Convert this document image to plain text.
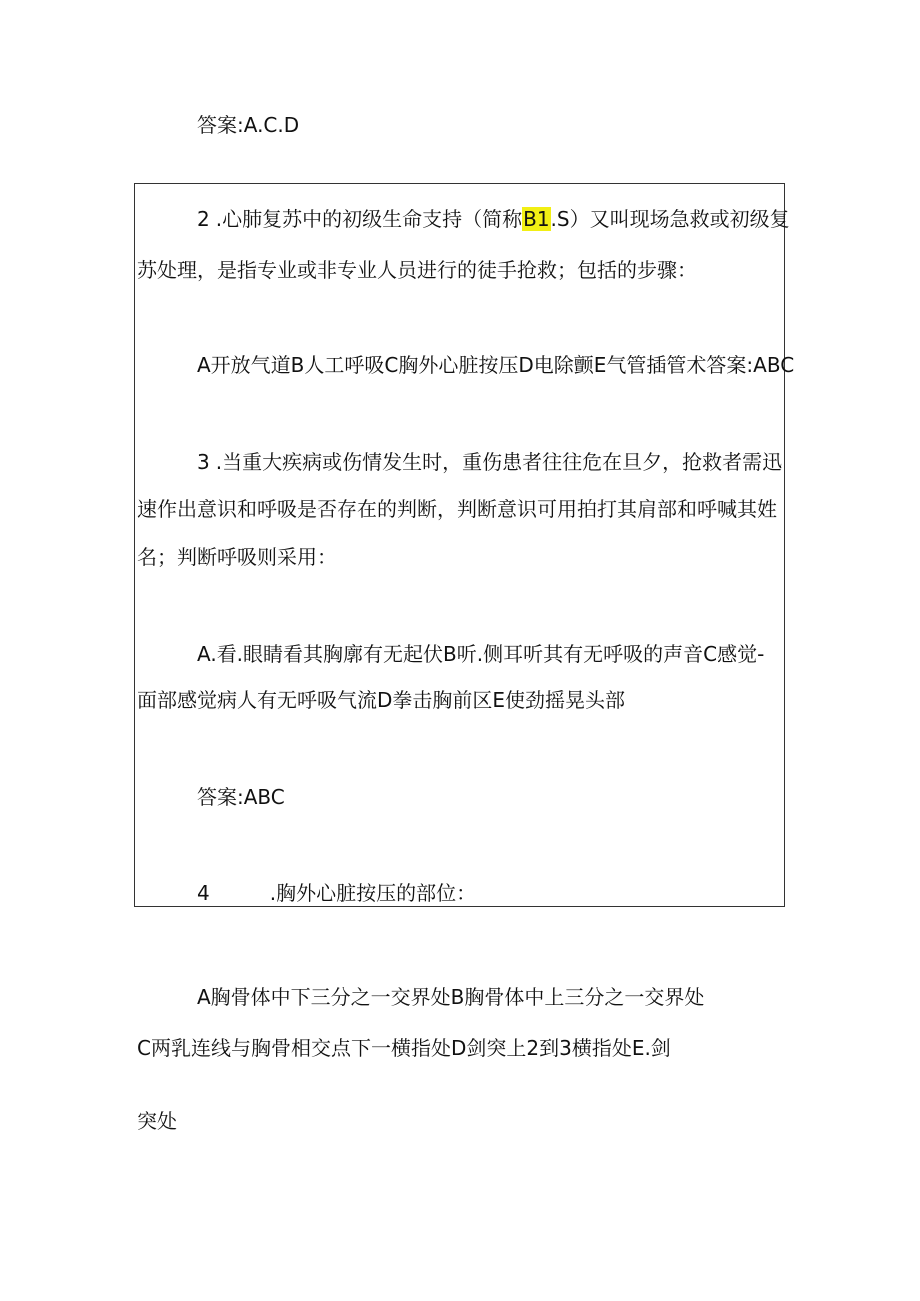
答案:A.C.D
2 .心肺复苏中的初级生命支持（简称B1.S）又叫现场急救或初级复
苏处理，是指专业或非专业人员进行的徒手抢救；包括的步骤：
A开放气道B人工呼吸C胸外心脏按压D电除颤E气管插管术答案:ABC
3 .当重大疾病或伤情发生时，重伤患者往往危在旦夕，抢救者需迅
速作出意识和呼吸是否存在的判断，判断意识可用拍打其肩部和呼喊其姓
名；判断呼吸则采用：
A.看.眼睛看其胸廓有无起伏B听.侧耳听其有无呼吸的声音C感觉-
面部感觉病人有无呼吸气流D拳击胸前区E使劲摇晃头部
答案:ABC
4	.胸外心脏按压的部位：
A胸骨体中下三分之一交界处B胸骨体中上三分之一交界处
C两乳连线与胸骨相交点下一横指处D剑突上2到3横指处E.剑
突处
